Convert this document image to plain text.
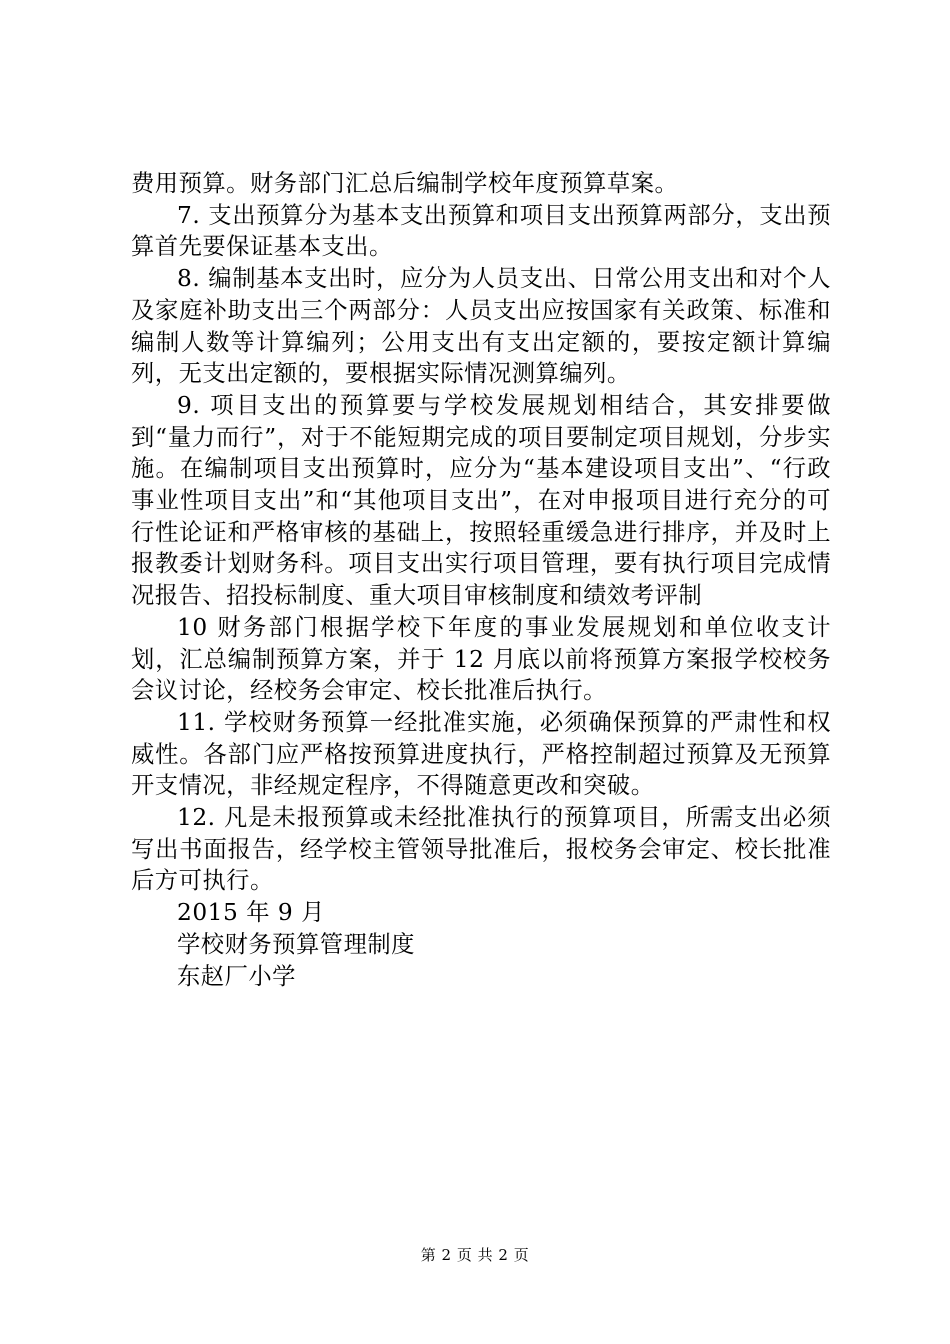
费用预算。财务部门汇总后编制学校年度预算草案。

7. 支出预算分为基本支出预算和项目支出预算两部分，支出预算首先要保证基本支出。

8. 编制基本支出时，应分为人员支出、日常公用支出和对个人及家庭补助支出三个两部分：人员支出应按国家有关政策、标准和编制人数等计算编列；公用支出有支出定额的，要按定额计算编列，无支出定额的，要根据实际情况测算编列。

9. 项目支出的预算要与学校发展规划相结合，其安排要做到“量力而行”，对于不能短期完成的项目要制定项目规划，分步实施。在编制项目支出预算时，应分为“基本建设项目支出”、“行政事业性项目支出”和“其他项目支出”，在对申报项目进行充分的可行性论证和严格审核的基础上，按照轻重缓急进行排序，并及时上报教委计划财务科。项目支出实行项目管理，要有执行项目完成情况报告、招投标制度、重大项目审核制度和绩效考评制

10 财务部门根据学校下年度的事业发展规划和单位收支计划，汇总编制预算方案，并于 12 月底以前将预算方案报学校校务会议讨论，经校务会审定、校长批准后执行。

11. 学校财务预算一经批准实施，必须确保预算的严肃性和权威性。各部门应严格按预算进度执行，严格控制超过预算及无预算开支情况，非经规定程序，不得随意更改和突破。

12. 凡是未报预算或未经批准执行的预算项目，所需支出必须写出书面报告，经学校主管领导批准后，报校务会审定、校长批准后方可执行。

2015 年 9 月

学校财务预算管理制度

东赵厂小学

第 2 页 共 2 页
